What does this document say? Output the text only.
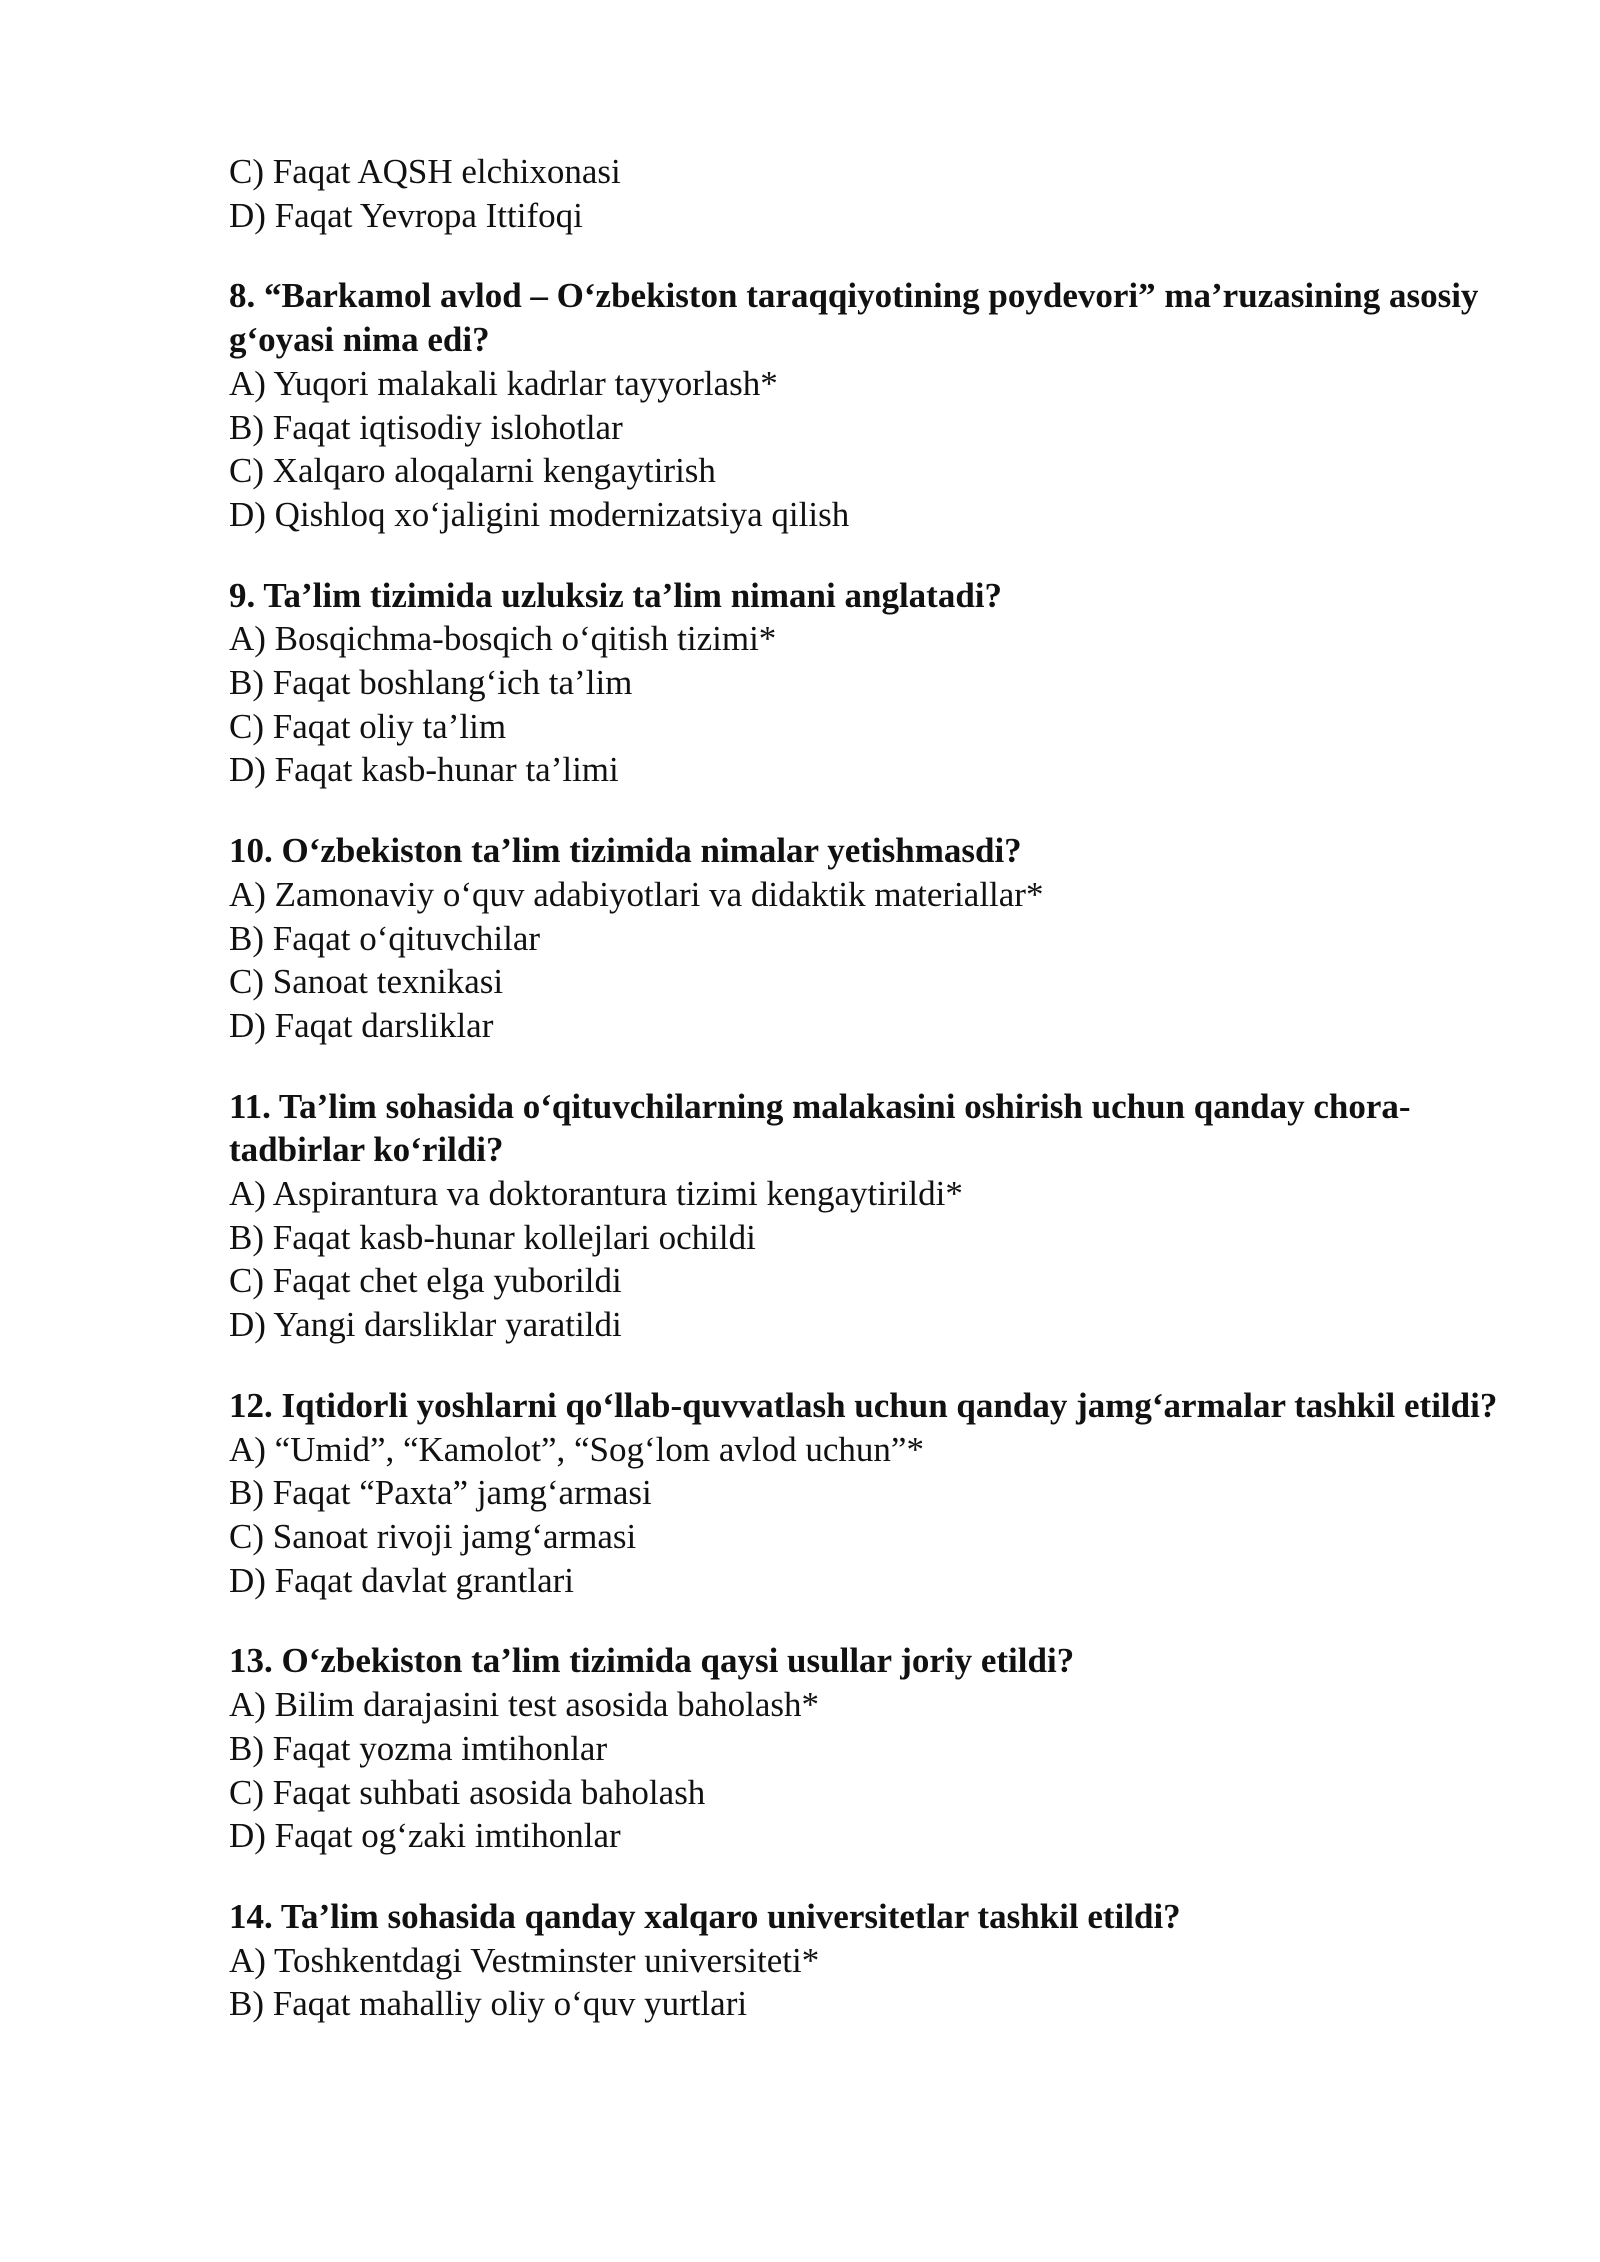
C) Faqat AQSH elchixonasi

D) Faqat Yevropa Ittifoqi

8. “Barkamol avlod – O‘zbekiston taraqqiyotining poydevori” ma’ruzasining asosiy g‘oyasi nima edi?

A) Yuqori malakali kadrlar tayyorlash*

B) Faqat iqtisodiy islohotlar

C) Xalqaro aloqalarni kengaytirish

D) Qishloq xo‘jaligini modernizatsiya qilish

9. Ta’lim tizimida uzluksiz ta’lim nimani anglatadi?

A) Bosqichma-bosqich o‘qitish tizimi*

B) Faqat boshlang‘ich ta’lim

C) Faqat oliy ta’lim

D) Faqat kasb-hunar ta’limi

10. O‘zbekiston ta’lim tizimida nimalar yetishmasdi?

A) Zamonaviy o‘quv adabiyotlari va didaktik materiallar*

B) Faqat o‘qituvchilar

C) Sanoat texnikasi

D) Faqat darsliklar

11. Ta’lim sohasida o‘qituvchilarning malakasini oshirish uchun qanday chora-tadbirlar ko‘rildi?

A) Aspirantura va doktorantura tizimi kengaytirildi*

B) Faqat kasb-hunar kollejlari ochildi

C) Faqat chet elga yuborildi

D) Yangi darsliklar yaratildi

12. Iqtidorli yoshlarni qo‘llab-quvvatlash uchun qanday jamg‘armalar tashkil etildi?

A) “Umid”, “Kamolot”, “Sog‘lom avlod uchun”*

B) Faqat “Paxta” jamg‘armasi

C) Sanoat rivoji jamg‘armasi

D) Faqat davlat grantlari

13. O‘zbekiston ta’lim tizimida qaysi usullar joriy etildi?

A) Bilim darajasini test asosida baholash*

B) Faqat yozma imtihonlar

C) Faqat suhbati asosida baholash

D) Faqat og‘zaki imtihonlar

14. Ta’lim sohasida qanday xalqaro universitetlar tashkil etildi?

A) Toshkentdagi Vestminster universiteti*

B) Faqat mahalliy oliy o‘quv yurtlari
